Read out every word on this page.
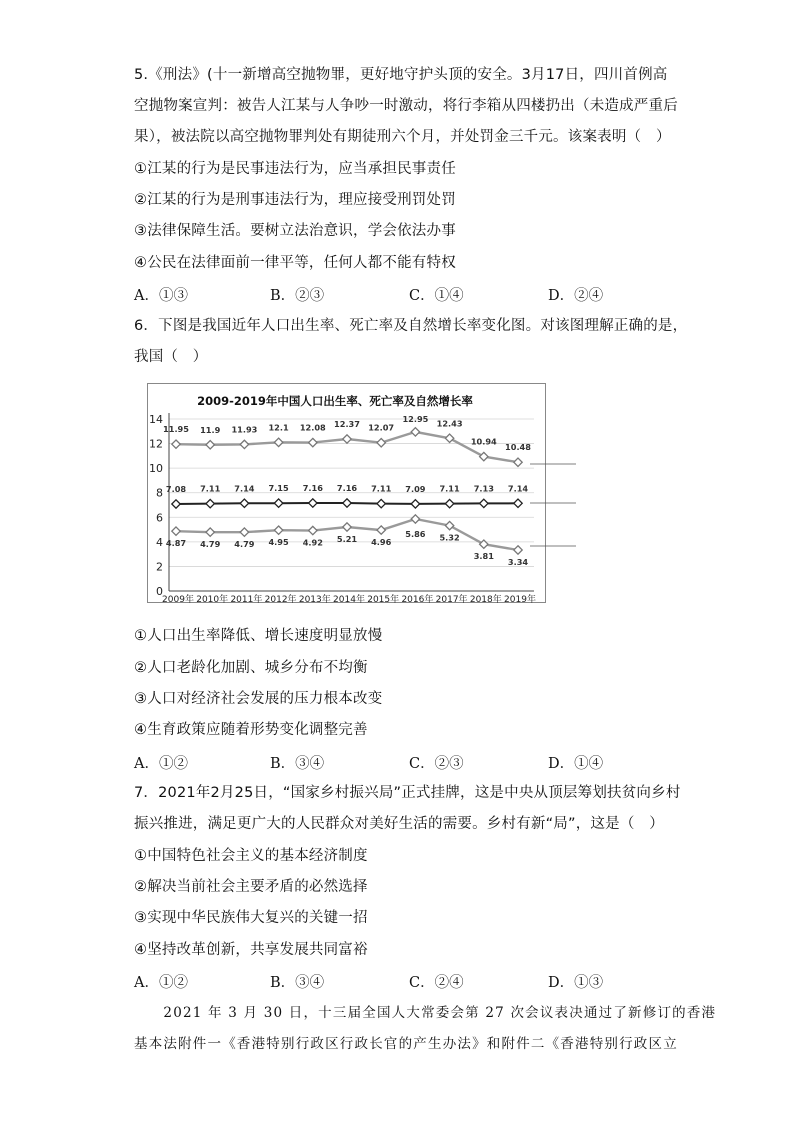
5.《刑法》(十一新增高空抛物罪，更好地守护头顶的安全。3月17日，四川首例高
空抛物案宣判：被告人江某与人争吵一时激动，将行李箱从四楼扔出（未造成严重后
果），被法院以高空抛物罪判处有期徒刑六个月，并处罚金三千元。该案表明（　）
①江某的行为是民事违法行为，应当承担民事责任
②江某的行为是刑事违法行为，理应接受刑罚处罚
③法律保障生活。要树立法治意识，学会依法办事
④公民在法律面前一律平等，任何人都不能有特权
A．①③	B．②③	C．①④	D．②④
6．下图是我国近年人口出生率、死亡率及自然增长率变化图。对该图理解正确的是，
我国（　）
2009-2019年中国人口出生率、死亡率及自然增长率
0
2
4
6
8
10
12
14
2009年 2010年 2011年 2012年 2013年 2014年 2015年 2016年 2017年 2018年 2019年
11.95 11.9 11.93 12.1 12.08 12.37 12.07
12.95 12.43
10.94
10.48
7.08 7.11 7.14 7.15 7.16 7.16 7.11 7.09 7.11 7.13 7.14
4.87 4.79 4.79 4.95 4.92 5.21 4.96
5.86 5.32
3.81
3.34
①人口出生率降低、增长速度明显放慢
②人口老龄化加剧、城乡分布不均衡
③人口对经济社会发展的压力根本改变
④生育政策应随着形势变化调整完善
A．①②	B．③④	C．②③	D．①④
7．2021年2月25日，“国家乡村振兴局”正式挂牌，这是中央从顶层筹划扶贫向乡村
振兴推进，满足更广大的人民群众对美好生活的需要。乡村有新“局”，这是（　）
①中国特色社会主义的基本经济制度
②解决当前社会主要矛盾的必然选择
③实现中华民族伟大复兴的关键一招
④坚持改革创新，共享发展共同富裕
A．①②	B．③④	C．②④	D．①③
　　2021 年 3 月 30 日，十三届全国人大常委会第 27 次会议表决通过了新修订的香港
基本法附件一《香港特别行政区行政长官的产生办法》和附件二《香港特别行政区立
